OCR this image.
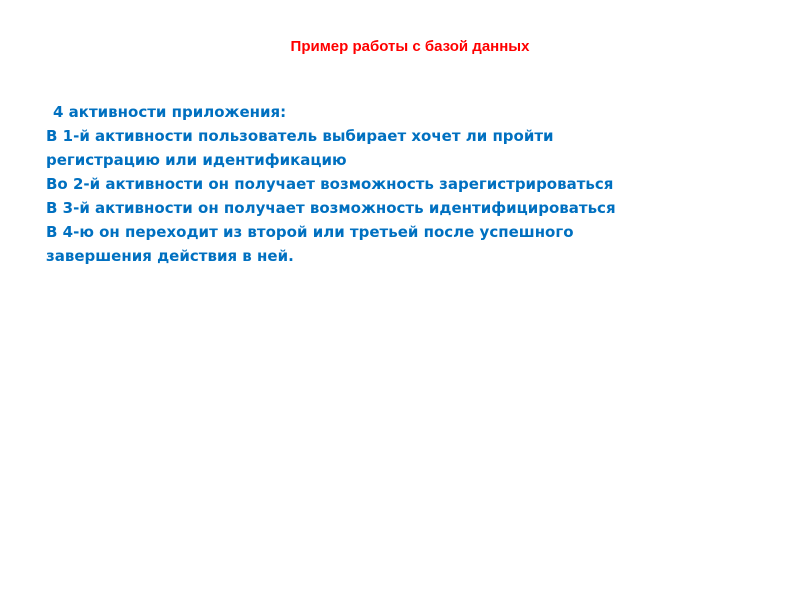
Пример работы с базой данных
4 активности приложения:
В 1-й активности пользователь выбирает хочет ли пройти
регистрацию или идентификацию
Во 2-й активности он получает возможность зарегистрироваться
В 3-й активности он получает возможность идентифицироваться
В 4-ю он переходит из второй или третьей после успешного
завершения действия в ней.
